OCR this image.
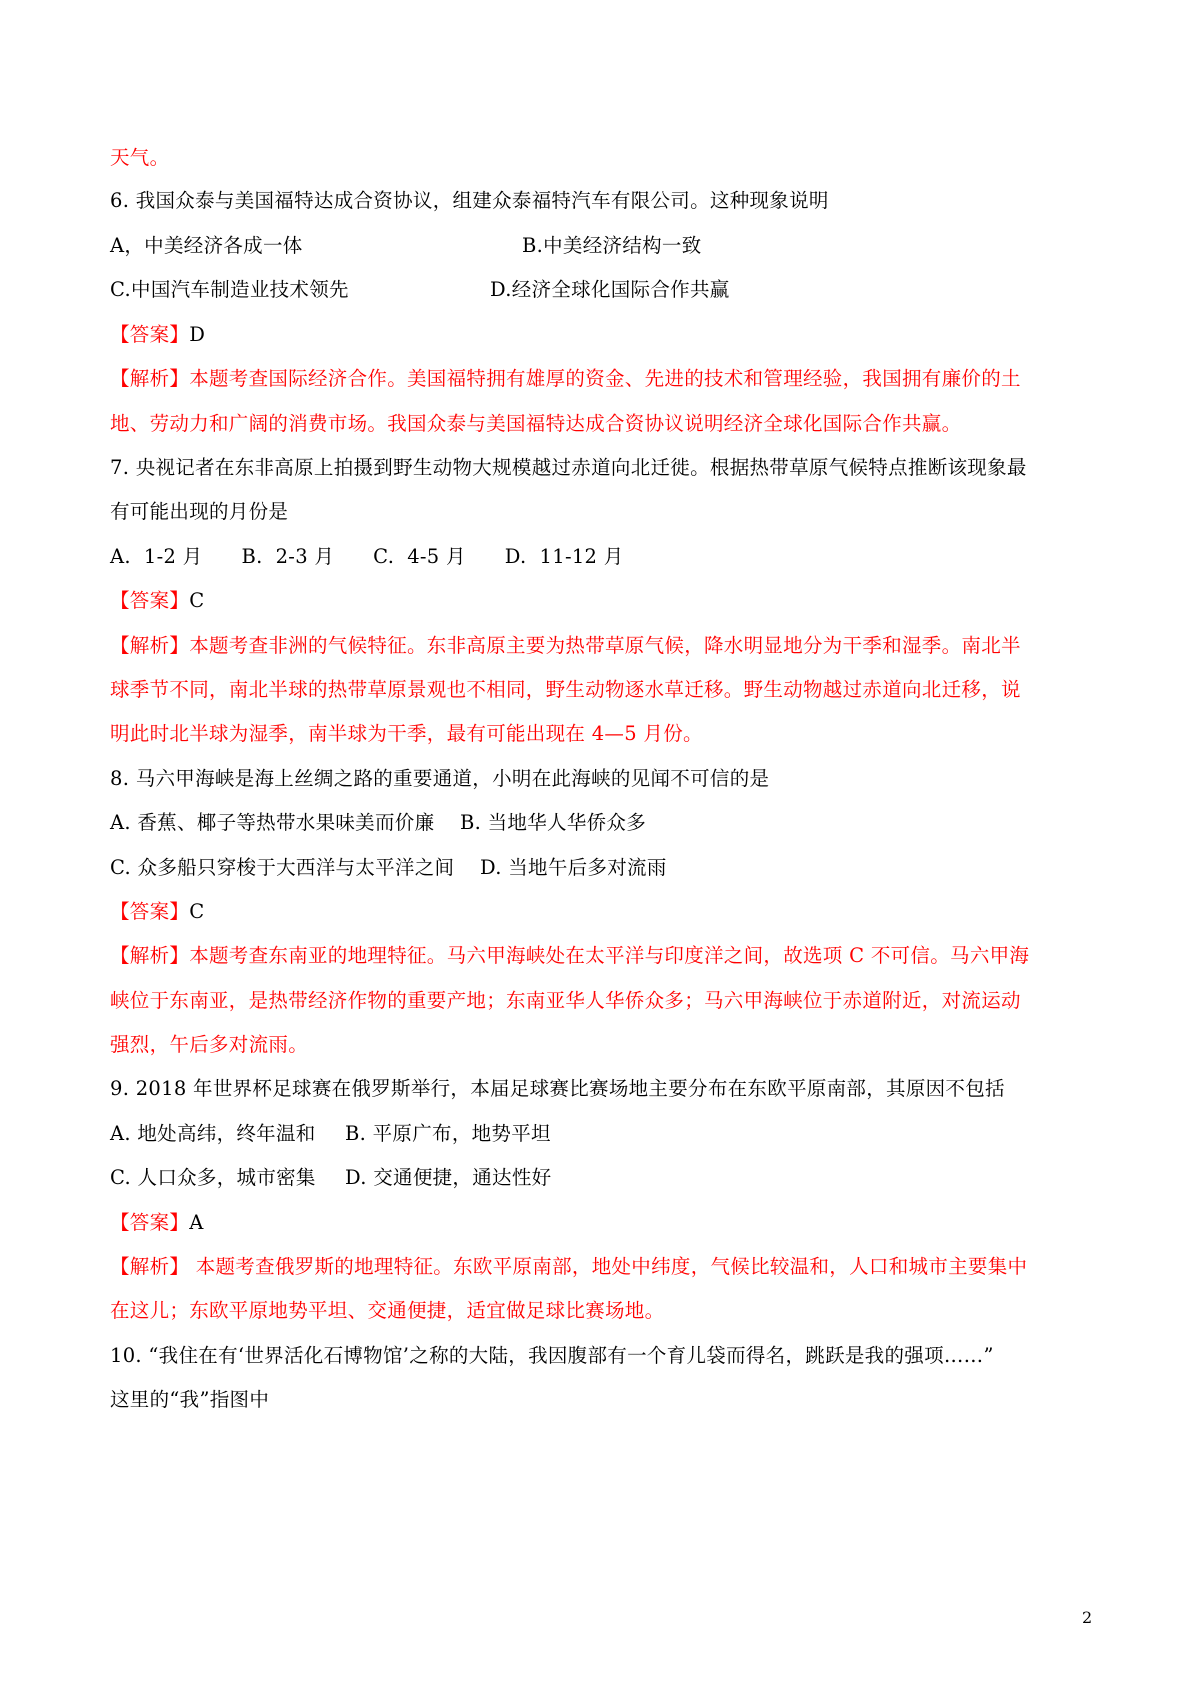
天气。
6. 我国众泰与美国福特达成合资协议，组建众泰福特汽车有限公司。这种现象说明
A，中美经济各成一体	B.中美经济结构一致
C.中国汽车制造业技术领先	D.经济全球化国际合作共赢
【答案】D
【解析】本题考查国际经济合作。美国福特拥有雄厚的资金、先进的技术和管理经验，我国拥有廉价的土
地、劳动力和广阔的消费市场。我国众泰与美国福特达成合资协议说明经济全球化国际合作共赢。
7. 央视记者在东非高原上拍摄到野生动物大规模越过赤道向北迁徙。根据热带草原气候特点推断该现象最
有可能出现的月份是
A.  1-2 月      B.  2-3 月      C.  4-5 月      D.  11-12 月
【答案】C
【解析】本题考查非洲的气候特征。东非高原主要为热带草原气候，降水明显地分为干季和湿季。南北半
球季节不同，南北半球的热带草原景观也不相同，野生动物逐水草迁移。野生动物越过赤道向北迁移，说
明此时北半球为湿季，南半球为干季，最有可能出现在 4—5 月份。
8. 马六甲海峡是海上丝绸之路的重要通道，小明在此海峡的见闻不可信的是
A. 香蕉、椰子等热带水果味美而价廉 B. 当地华人华侨众多
C. 众多船只穿梭于大西洋与太平洋之间 D. 当地午后多对流雨
【答案】C
【解析】本题考查东南亚的地理特征。马六甲海峡处在太平洋与印度洋之间，故选项 C 不可信。马六甲海
峡位于东南亚，是热带经济作物的重要产地；东南亚华人华侨众多；马六甲海峡位于赤道附近，对流运动
强烈，午后多对流雨。
9. 2018 年世界杯足球赛在俄罗斯举行，本届足球赛比赛场地主要分布在东欧平原南部，其原因不包括
A. 地处高纬，终年温和 B. 平原广布，地势平坦
C. 人口众多，城市密集 D. 交通便捷，通达性好
【答案】A
【解析】 本题考查俄罗斯的地理特征。东欧平原南部，地处中纬度，气候比较温和，人口和城市主要集中
在这儿；东欧平原地势平坦、交通便捷，适宜做足球比赛场地。
10. “我住在有‘世界活化石博物馆’之称的大陆，我因腹部有一个育儿袋而得名，跳跃是我的强项……”
这里的“我”指图中
2
